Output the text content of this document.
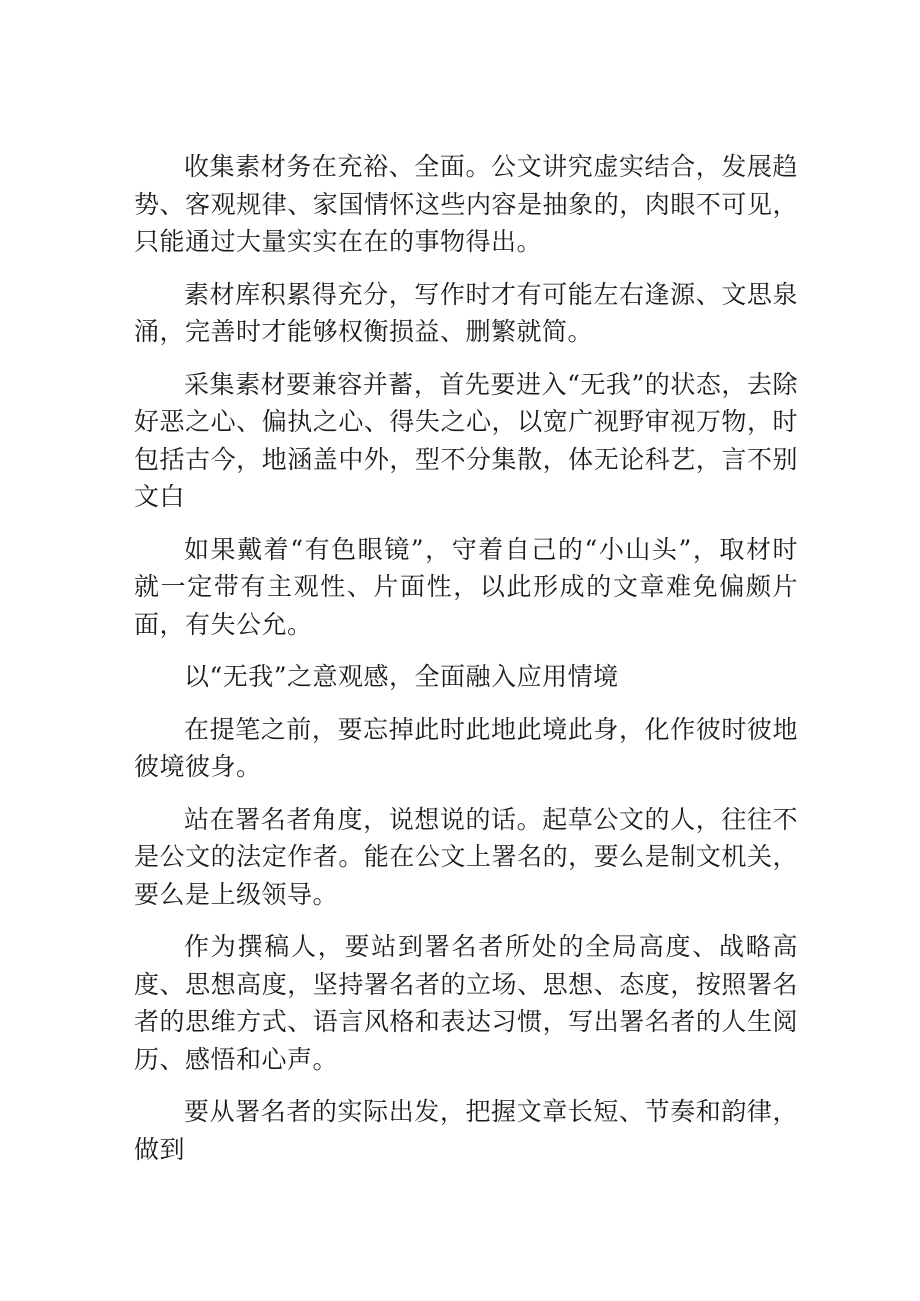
收集素材务在充裕、全面。公文讲究虚实结合，发展趋势、客观规律、家国情怀这些内容是抽象的，肉眼不可见，只能通过大量实实在在的事物得出。

素材库积累得充分，写作时才有可能左右逢源、文思泉涌，完善时才能够权衡损益、删繁就简。

采集素材要兼容并蓄，首先要进入“无我”的状态，去除好恶之心、偏执之心、得失之心，以宽广视野审视万物，时包括古今，地涵盖中外，型不分集散，体无论科艺，言不别文白

如果戴着“有色眼镜”，守着自己的“小山头”，取材时就一定带有主观性、片面性，以此形成的文章难免偏颇片面，有失公允。

以“无我”之意观感，全面融入应用情境

在提笔之前，要忘掉此时此地此境此身，化作彼时彼地彼境彼身。

站在署名者角度，说想说的话。起草公文的人，往往不是公文的法定作者。能在公文上署名的，要么是制文机关，要么是上级领导。

作为撰稿人，要站到署名者所处的全局高度、战略高度、思想高度，坚持署名者的立场、思想、态度，按照署名者的思维方式、语言风格和表达习惯，写出署名者的人生阅历、感悟和心声。

要从署名者的实际出发，把握文章长短、节奏和韵律，做到
